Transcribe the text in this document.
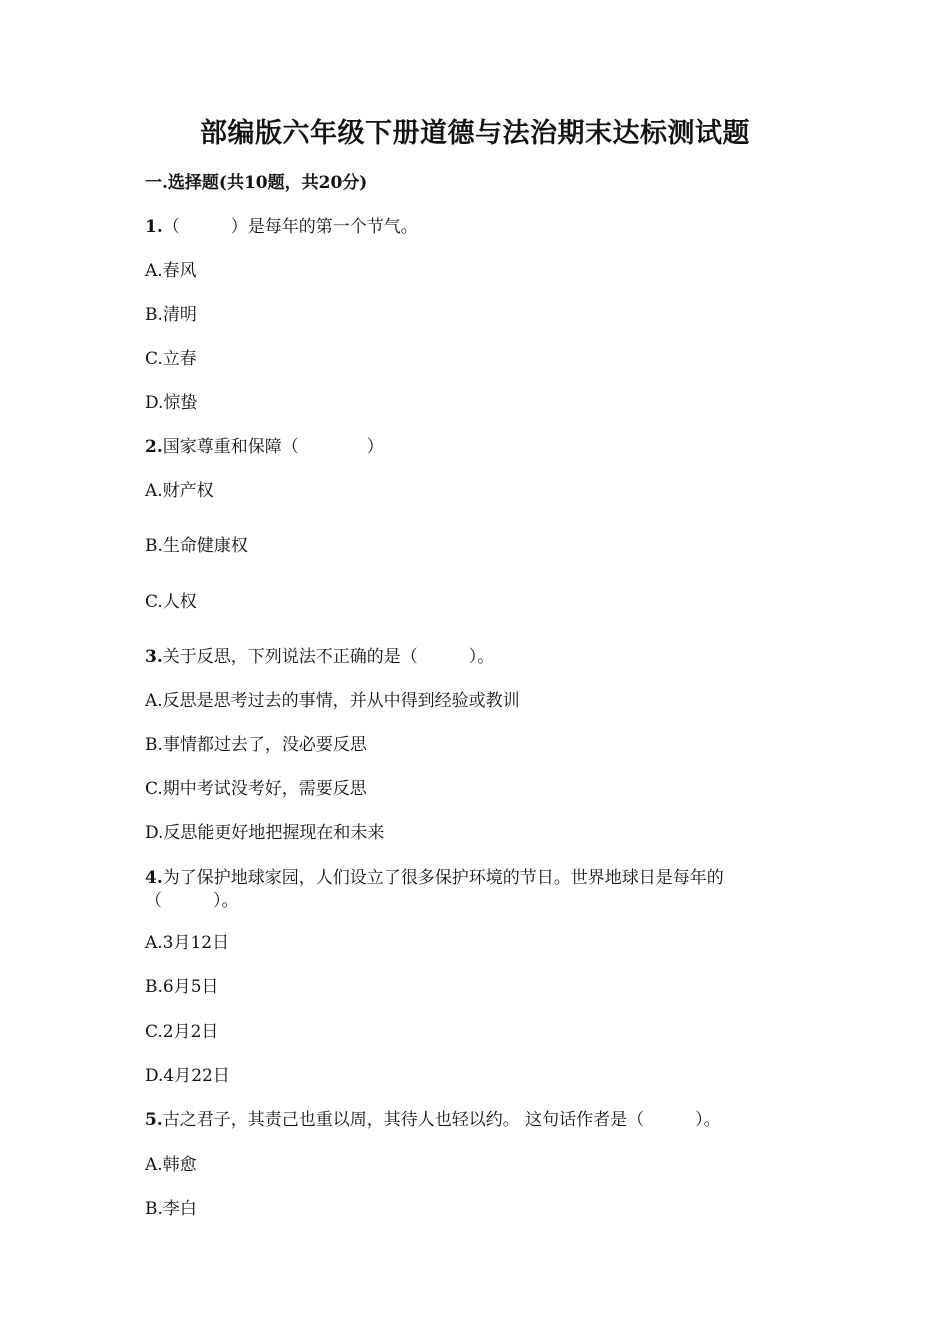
部编版六年级下册道德与法治期末达标测试题
一.选择题(共10题，共20分)
1.（　　　）是每年的第一个节气。
A.春风
B.清明
C.立春
D.惊蛰
2.国家尊重和保障（　　　　）
A.财产权
B.生命健康权
C.人权
3.关于反思，下列说法不正确的是（　　　）。
A.反思是思考过去的事情，并从中得到经验或教训
B.事情都过去了，没必要反思
C.期中考试没考好，需要反思
D.反思能更好地把握现在和未来
4.为了保护地球家园，人们设立了很多保护环境的节日。世界地球日是每年的
（　　　）。
A.3月12日
B.6月5日
C.2月2日
D.4月22日
5.古之君子，其责己也重以周，其待人也轻以约。 这句话作者是（　　　）。
A.韩愈
B.李白
